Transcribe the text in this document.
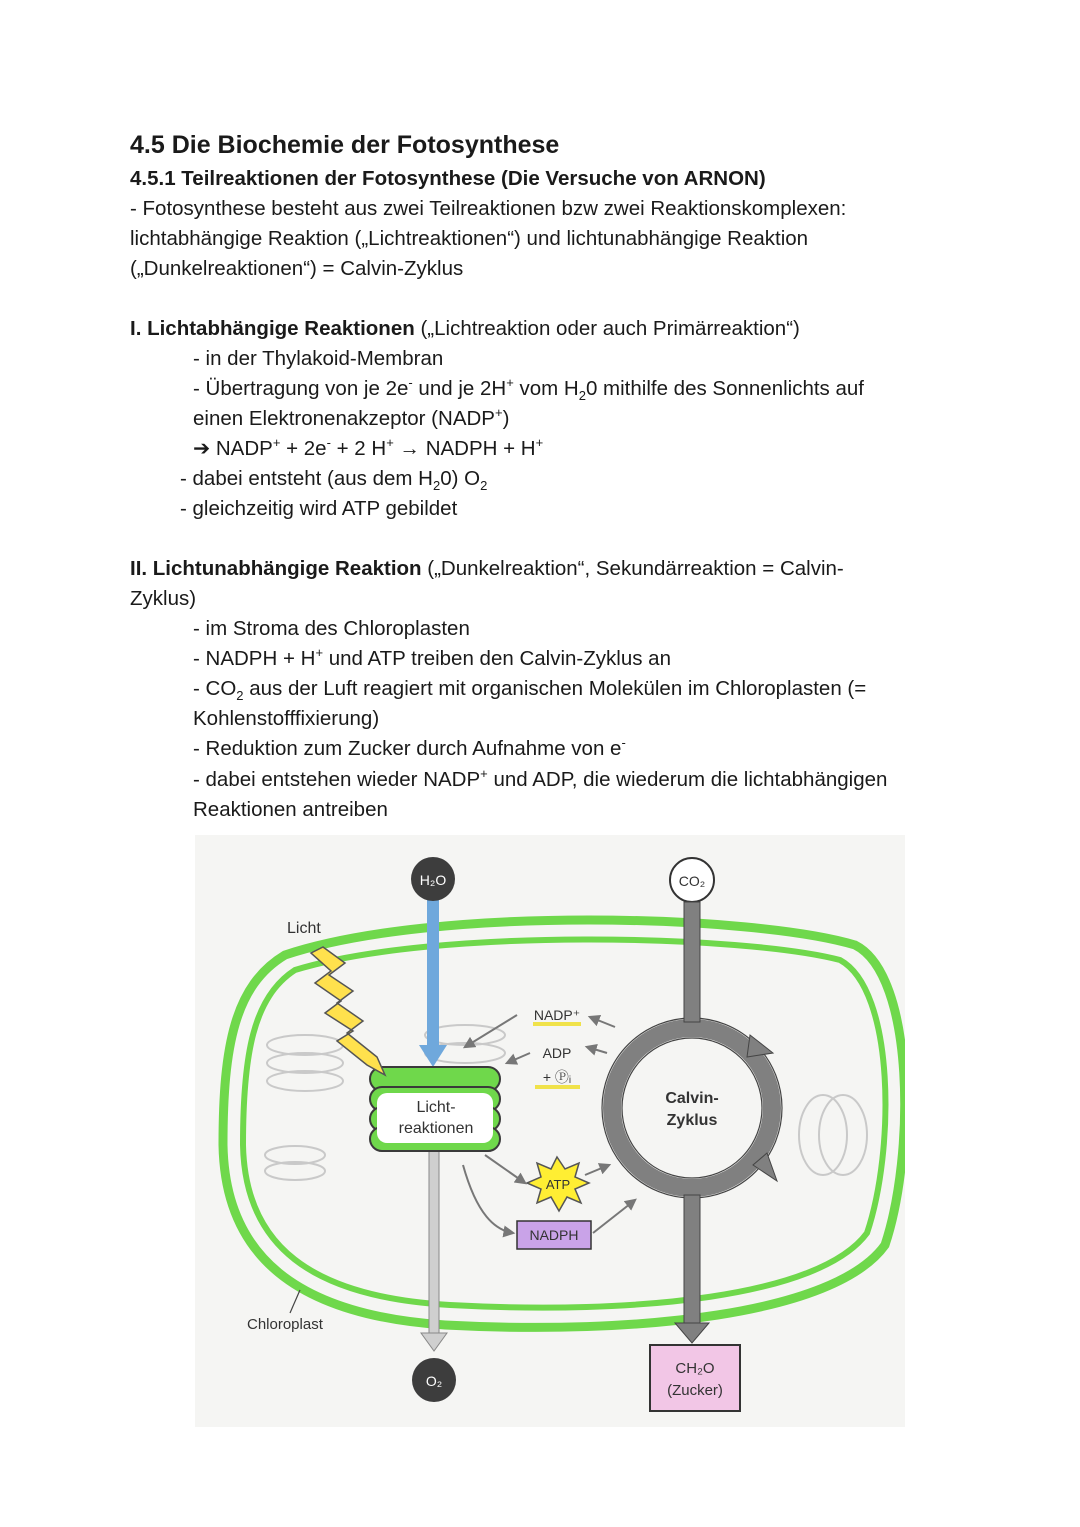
4.5 Die Biochemie der Fotosynthese
4.5.1 Teilreaktionen der Fotosynthese (Die Versuche von ARNON)
- Fotosynthese besteht aus zwei Teilreaktionen bzw zwei Reaktionskomplexen:
lichtabhängige Reaktion („Lichtreaktionen“) und lichtunabhängige Reaktion
(„Dunkelreaktionen“) = Calvin-Zyklus
I. Lichtabhängige Reaktionen („Lichtreaktion oder auch Primärreaktion“)
- in der Thylakoid-Membran
- Übertragung von je 2e- und je 2H+ vom $H_20$ mithilfe des Sonnenlichts auf
einen Elektronenakzeptor (NADP+)
➔ NADP+ + 2e- + 2 H+ → NADPH + H+
- dabei entsteht (aus dem $H_20$) $O_2$
- gleichzeitig wird ATP gebildet
II. Lichtunabhängige Reaktion („Dunkelreaktion“, Sekundärreaktion = Calvin-
Zyklus)
- im Stroma des Chloroplasten
- NADPH + H+ und ATP treiben den Calvin-Zyklus an
- $CO_2$ aus der Luft reagiert mit organischen Molekülen im Chloroplasten (=
Kohlenstofffixierung)
- Reduktion zum Zucker durch Aufnahme von e-
- dabei entstehen wieder NADP+ und ADP, die wiederum die lichtabhängigen
Reaktionen antreiben
H₂O
O₂
Licht-
reaktionen
Licht
Calvin-
Zyklus
CO₂
CH₂O
(Zucker)
NADP⁺
ADP
+ Ⓟᵢ
ATP
NADPH
Chloroplast
